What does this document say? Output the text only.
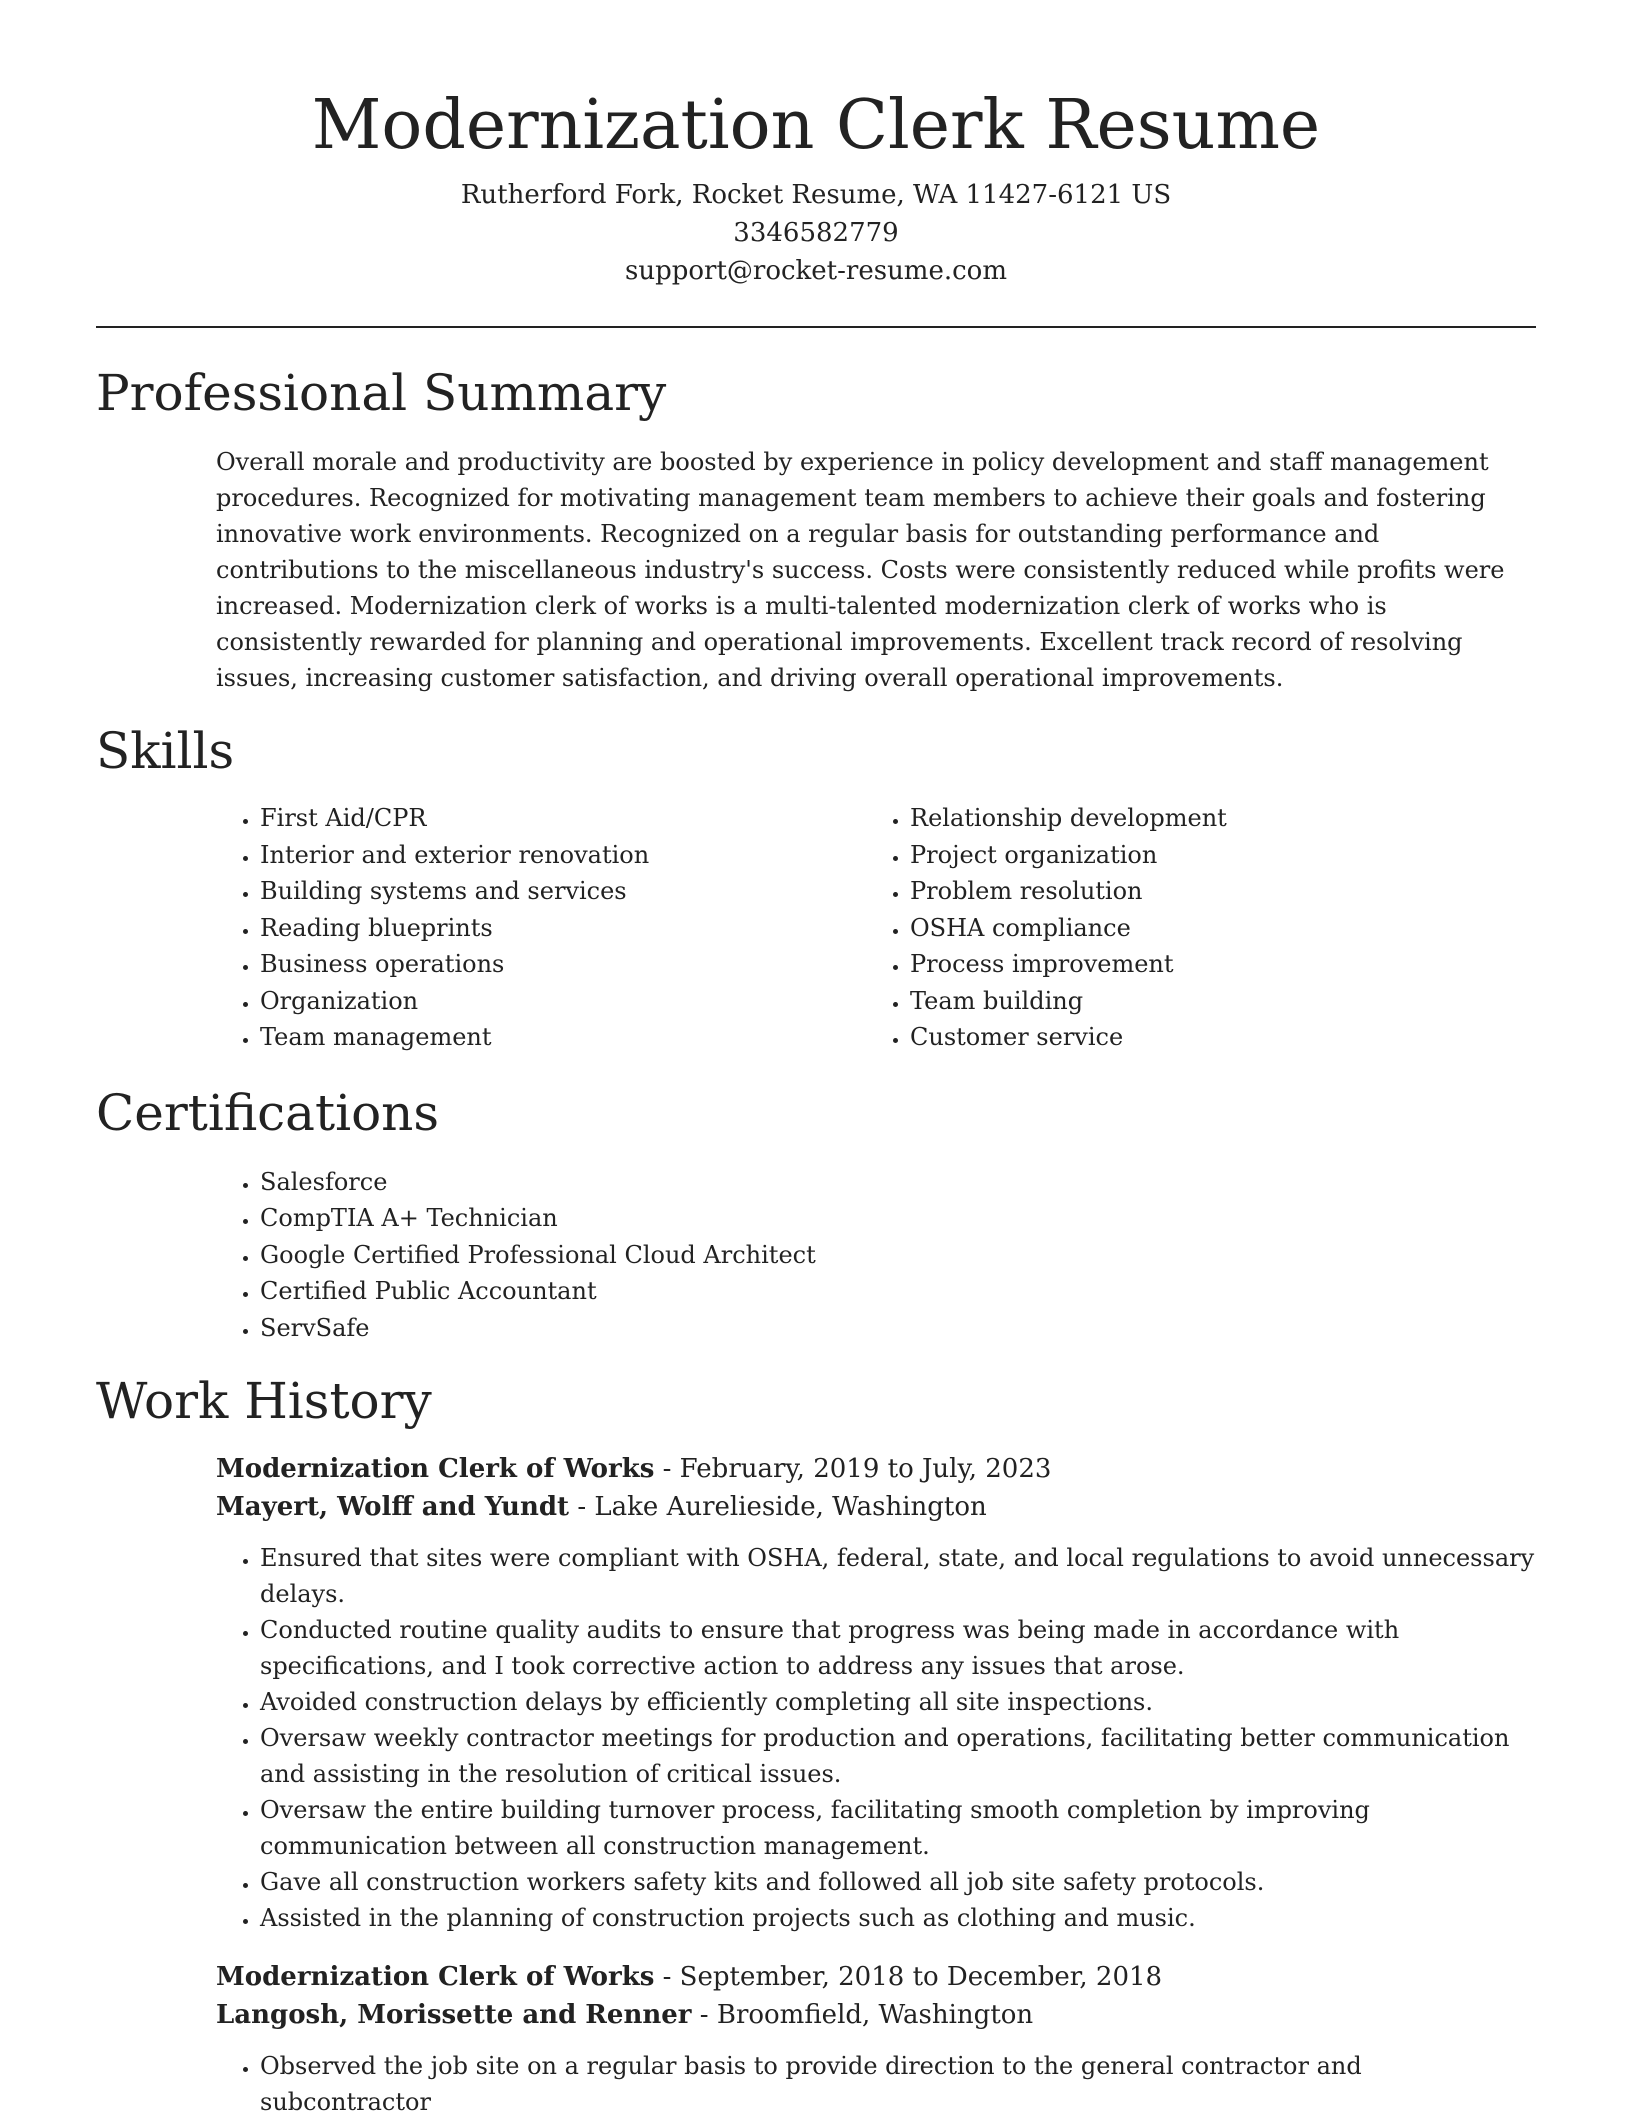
Modernization Clerk Resume
Rutherford Fork, Rocket Resume, WA 11427-6121 US
3346582779
support@rocket-resume.com
Professional Summary

Overall morale and productivity are boosted by experience in policy development and staff management procedures. Recognized for motivating management team members to achieve their goals and fostering innovative work environments. Recognized on a regular basis for outstanding performance and contributions to the miscellaneous industry's success. Costs were consistently reduced while profits were increased. Modernization clerk of works is a multi-talented modernization clerk of works who is consistently rewarded for planning and operational improvements. Excellent track record of resolving issues, increasing customer satisfaction, and driving overall operational improvements.

Skills
• First Aid/CPR
• Interior and exterior renovation
• Building systems and services
• Reading blueprints
• Business operations
• Organization
• Team management
• Relationship development
• Project organization
• Problem resolution
• OSHA compliance
• Process improvement
• Team building
• Customer service
Certifications
• Salesforce
• CompTIA A+ Technician
• Google Certified Professional Cloud Architect
• Certified Public Accountant
• ServSafe
Work History
Modernization Clerk of Works - February, 2019 to July, 2023
Mayert, Wolff and Yundt - Lake Aurelieside, Washington
• Ensured that sites were compliant with OSHA, federal, state, and local regulations to avoid unnecessary delays.
• Conducted routine quality audits to ensure that progress was being made in accordance with specifications, and I took corrective action to address any issues that arose.
• Avoided construction delays by efficiently completing all site inspections.
• Oversaw weekly contractor meetings for production and operations, facilitating better communication and assisting in the resolution of critical issues.
• Oversaw the entire building turnover process, facilitating smooth completion by improving communication between all construction management.
• Gave all construction workers safety kits and followed all job site safety protocols.
• Assisted in the planning of construction projects such as clothing and music.
Modernization Clerk of Works - September, 2018 to December, 2018
Langosh, Morissette and Renner - Broomfield, Washington
• Observed the job site on a regular basis to provide direction to the general contractor and subcontractor
